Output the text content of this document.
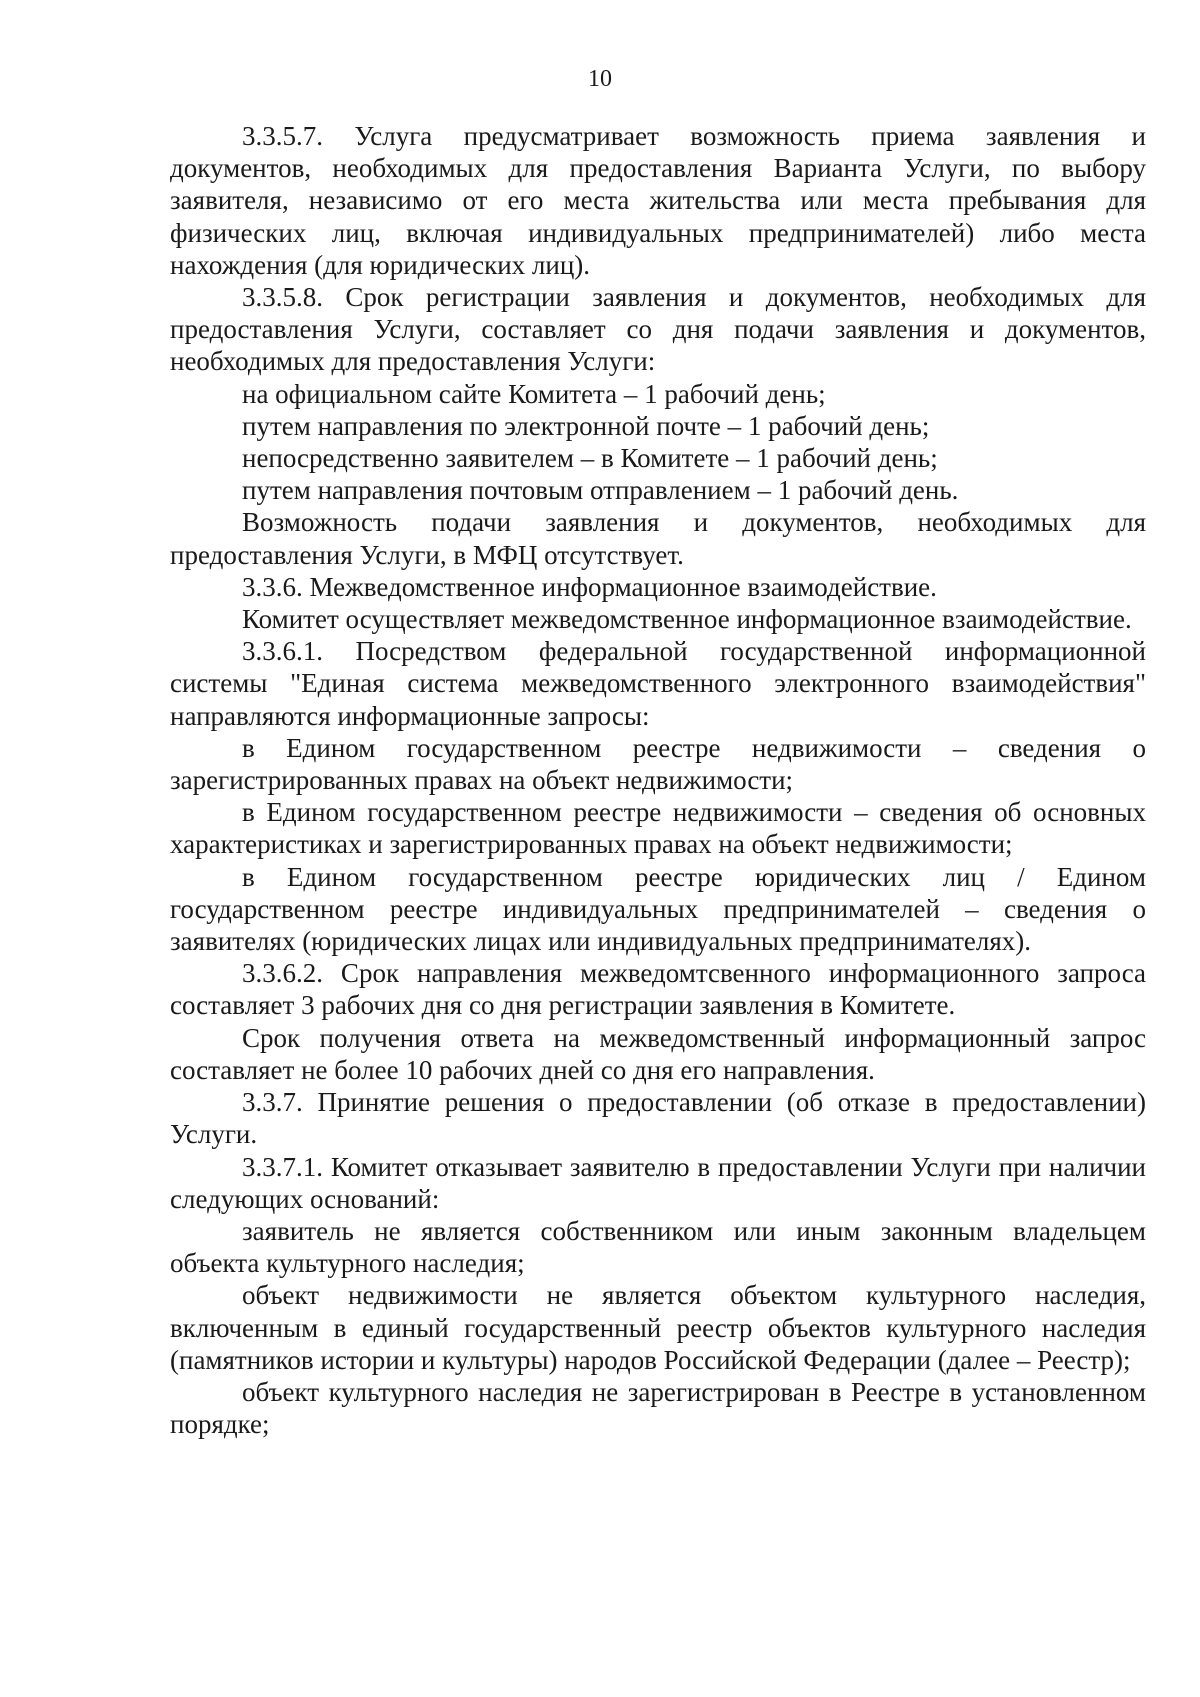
10

3.3.5.7. Услуга предусматривает возможность приема заявления и документов, необходимых для предоставления Варианта Услуги, по выбору заявителя, независимо от его места жительства или места пребывания для физических лиц, включая индивидуальных предпринимателей) либо места нахождения (для юридических лиц).

3.3.5.8. Срок регистрации заявления и документов, необходимых для предоставления Услуги, составляет со дня подачи заявления и документов, необходимых для предоставления Услуги:

на официальном сайте Комитета – 1 рабочий день;

путем направления по электронной почте – 1 рабочий день;

непосредственно заявителем – в Комитете – 1 рабочий день;

путем направления почтовым отправлением – 1 рабочий день.

Возможность подачи заявления и документов, необходимых для предоставления Услуги, в МФЦ отсутствует.

3.3.6. Межведомственное информационное взаимодействие.

Комитет осуществляет межведомственное информационное взаимодействие.

3.3.6.1. Посредством федеральной государственной информационной системы "Единая система межведомственного электронного взаимодействия" направляются информационные запросы:

в Едином государственном реестре недвижимости – сведения о зарегистрированных правах на объект недвижимости;

в Едином государственном реестре недвижимости – сведения об основных характеристиках и зарегистрированных правах на объект недвижимости;

в Едином государственном реестре юридических лиц / Едином государственном реестре индивидуальных предпринимателей – сведения о заявителях (юридических лицах или индивидуальных предпринимателях).

3.3.6.2. Срок направления межведомтсвенного информационного запроса составляет 3 рабочих дня со дня регистрации заявления в Комитете.

Срок получения ответа на межведомственный информационный запрос составляет не более 10 рабочих дней со дня его направления.

3.3.7. Принятие решения о предоставлении (об отказе в предоставлении) Услуги.

3.3.7.1. Комитет отказывает заявителю в предоставлении Услуги при наличии следующих оснований:

заявитель не является собственником или иным законным владельцем объекта культурного наследия;

объект недвижимости не является объектом культурного наследия, включенным в единый государственный реестр объектов культурного наследия (памятников истории и культуры) народов Российской Федерации (далее – Реестр);

объект культурного наследия не зарегистрирован в Реестре в установленном порядке;
